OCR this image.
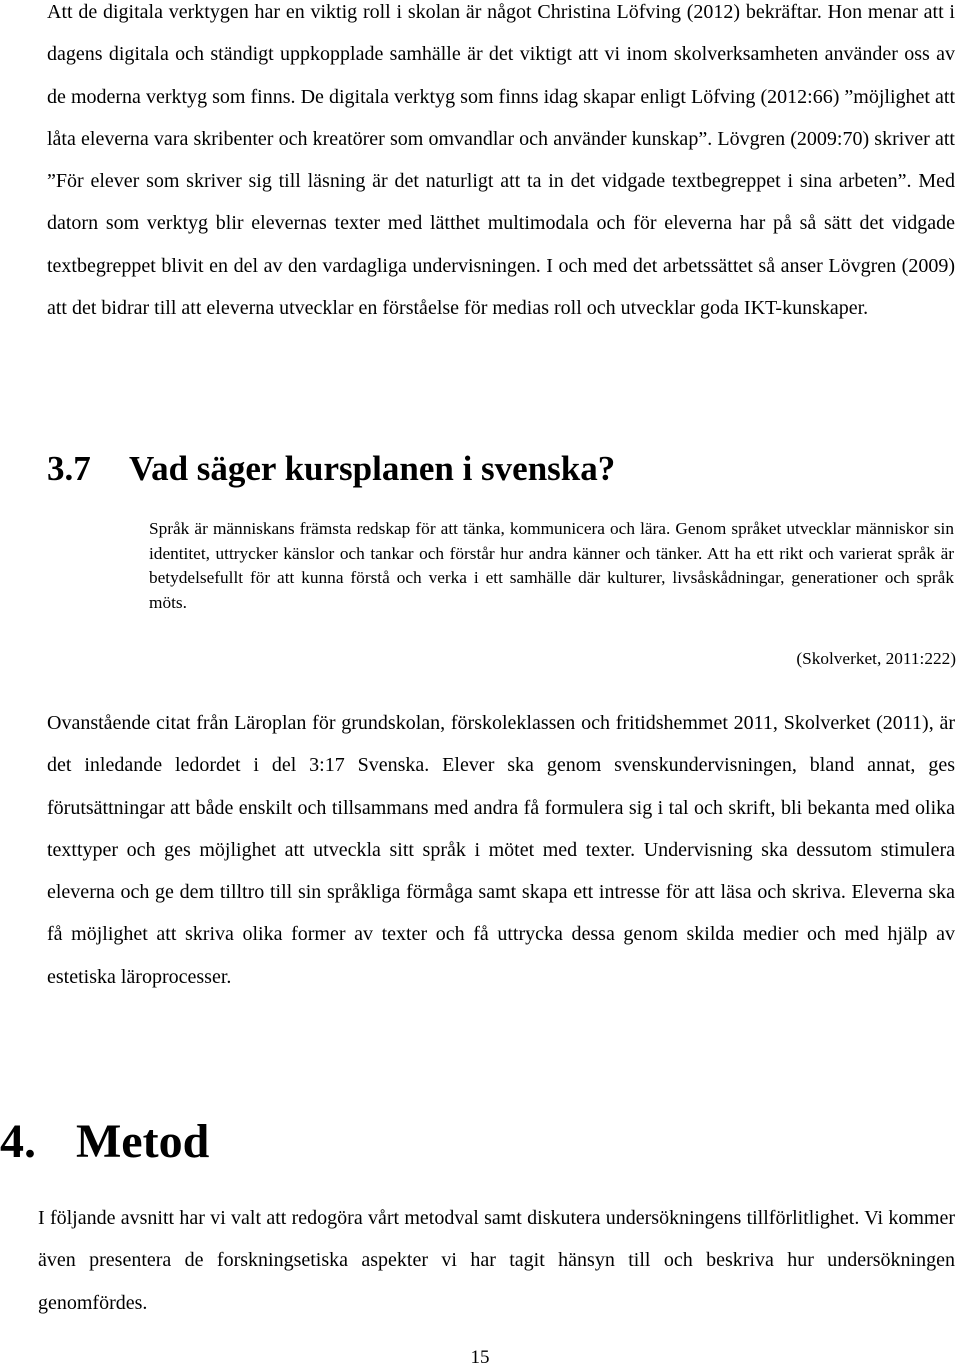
Att de digitala verktygen har en viktig roll i skolan är något Christina Löfving (2012) bekräftar. Hon menar att i dagens digitala och ständigt uppkopplade samhälle är det viktigt att vi inom skolverksamheten använder oss av de moderna verktyg som finns. De digitala verktyg som finns idag skapar enligt Löfving (2012:66) ”möjlighet att låta eleverna vara skribenter och kreatörer som omvandlar och använder kunskap”. Lövgren (2009:70) skriver att ”För elever som skriver sig till läsning är det naturligt att ta in det vidgade textbegreppet i sina arbeten”. Med datorn som verktyg blir elevernas texter med lätthet multimodala och för eleverna har på så sätt det vidgade textbegreppet blivit en del av den vardagliga undervisningen. I och med det arbetssättet så anser Lövgren (2009) att det bidrar till att eleverna utvecklar en förståelse för medias roll och utvecklar goda IKT-kunskaper.

3.7 Vad säger kursplanen i svenska?

Språk är människans främsta redskap för att tänka, kommunicera och lära. Genom språket utvecklar människor sin identitet, uttrycker känslor och tankar och förstår hur andra känner och tänker. Att ha ett rikt och varierat språk är betydelsefullt för att kunna förstå och verka i ett samhälle där kulturer, livsåskådningar, generationer och språk möts.

(Skolverket, 2011:222)

Ovanstående citat från Läroplan för grundskolan, förskoleklassen och fritidshemmet 2011, Skolverket (2011), är det inledande ledordet i del 3:17 Svenska. Elever ska genom svenskundervisningen, bland annat, ges förutsättningar att både enskilt och tillsammans med andra få formulera sig i tal och skrift, bli bekanta med olika texttyper och ges möjlighet att utveckla sitt språk i mötet med texter. Undervisning ska dessutom stimulera eleverna och ge dem tilltro till sin språkliga förmåga samt skapa ett intresse för att läsa och skriva. Eleverna ska få möjlighet att skriva olika former av texter och få uttrycka dessa genom skilda medier och med hjälp av estetiska läroprocesser.

4. Metod

I följande avsnitt har vi valt att redogöra vårt metodval samt diskutera undersökningens tillförlitlighet. Vi kommer även presentera de forskningsetiska aspekter vi har tagit hänsyn till och beskriva hur undersökningen genomfördes.

15
